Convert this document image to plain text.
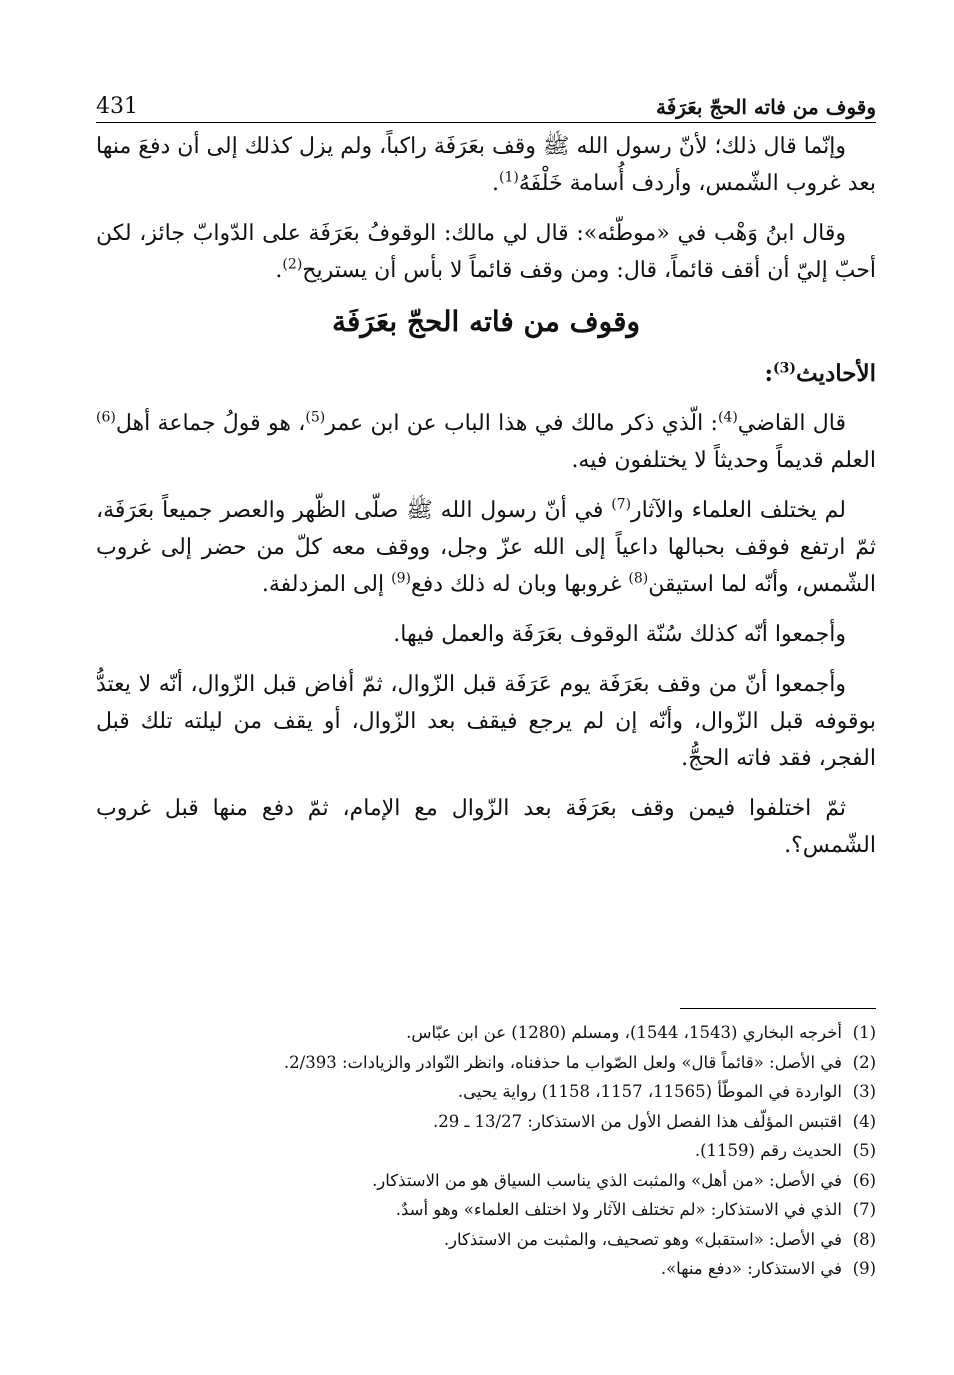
431	وقوف من فاته الحجّ بعَرَفَة

وإنّما قال ذلك؛ لأنّ رسول الله ﷺ وقف بعَرَفَة راكباً، ولم يزل كذلك إلى أن دفعَ منها بعد غروب الشّمس، وأردف أُسامة خَلْفَهُ$^{(1)}$.

وقال ابنُ وَهْب في «موطّئه»: قال لي مالك: الوقوفُ بعَرَفَة على الدّوابّ جائز، لكن أحبّ إليّ أن أقف قائماً، قال: ومن وقف قائماً لا بأس أن يستريح$^{(2)}$.

وقوف من فاته الحجّ بعَرَفَة

الأحاديث$^{(3)}$:

قال القاضي$^{(4)}$: الّذي ذكر مالك في هذا الباب عن ابن عمر$^{(5)}$، هو قولُ جماعة أهل$^{(6)}$ العلم قديماً وحديثاً لا يختلفون فيه.

لم يختلف العلماء والآثار$^{(7)}$ في أنّ رسول الله ﷺ صلّى الظّهر والعصر جميعاً بعَرَفَة، ثمّ ارتفع فوقف بحبالها داعياً إلى الله عزّ وجل، ووقف معه كلّ من حضر إلى غروب الشّمس، وأنّه لما استيقن$^{(8)}$ غروبها وبان له ذلك دفع$^{(9)}$ إلى المزدلفة.

وأجمعوا أنّه كذلك سُنّة الوقوف بعَرَفَة والعمل فيها.

وأجمعوا أنّ من وقف بعَرَفَة يوم عَرَفَة قبل الزّوال، ثمّ أفاض قبل الزّوال، أنّه لا يعتدُّ بوقوفه قبل الزّوال، وأنّه إن لم يرجع فيقف بعد الزّوال، أو يقف من ليلته تلك قبل الفجر، فقد فاته الحجُّ.

ثمّ اختلفوا فيمن وقف بعَرَفَة بعد الزّوال مع الإمام، ثمّ دفع منها قبل غروب الشّمس؟.

(1)
أخرجه البخاري (1543، 1544)، ومسلم (1280) عن ابن عبّاس.
(2)
في الأصل: «قائماً قال» ولعل الصّواب ما حذفناه، وانظر النّوادر والزيادات: 2/393.
(3)
الواردة في الموطّأ (11565، 1157، 1158) رواية يحيى.
(4)
اقتبس المؤلّف هذا الفصل الأول من الاستذكار: 13/27 ـ 29.
(5)
الحديث رقم (1159).
(6)
في الأصل: «من أهل» والمثبت الذي يناسب السياق هو من الاستذكار.
(7)
الذي في الاستذكار: «لم تختلف الآثار ولا اختلف العلماء» وهو أسدٌ.
(8)
في الأصل: «استقبل» وهو تصحيف، والمثبت من الاستذكار.
(9)
في الاستذكار: «دفع منها».
